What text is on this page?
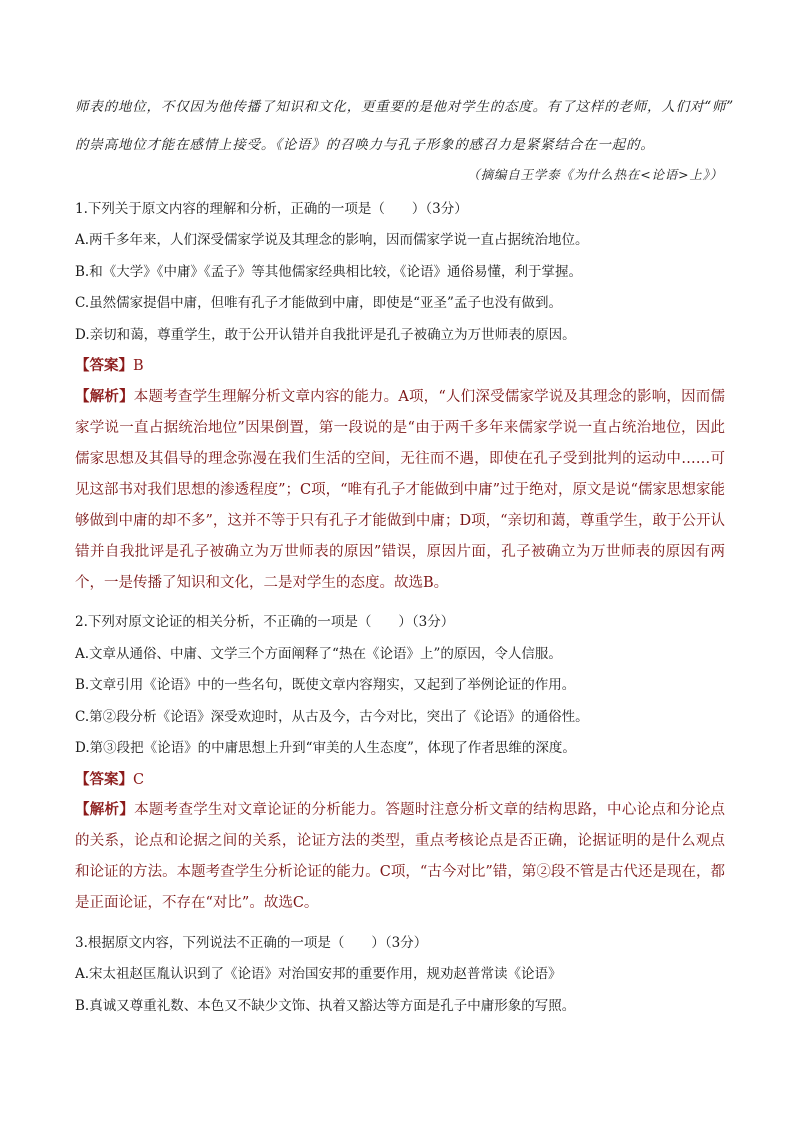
师表的地位，不仅因为他传播了知识和文化，更重要的是他对学生的态度。有了这样的老师，人们对“师”
的崇高地位才能在感情上接受。《论语》的召唤力与孔子形象的感召力是紧紧结合在一起的。
（摘编自王学泰《为什么热在<论语>上》）
1.下列关于原文内容的理解和分析，正确的一项是（　　）（3分）
A.两千多年来，人们深受儒家学说及其理念的影响，因而儒家学说一直占据统治地位。
B.和《大学》《中庸》《孟子》等其他儒家经典相比较，《论语》通俗易懂，利于掌握。
C.虽然儒家提倡中庸，但唯有孔子才能做到中庸，即使是“亚圣”孟子也没有做到。
D.亲切和蔼，尊重学生，敢于公开认错并自我批评是孔子被确立为万世师表的原因。
【答案】B
【解析】本题考查学生理解分析文章内容的能力。A项，“人们深受儒家学说及其理念的影响，因而儒家学说一直占据统治地位”因果倒置，第一段说的是“由于两千多年来儒家学说一直占统治地位，因此儒家思想及其倡导的理念弥漫在我们生活的空间，无往而不遇，即使在孔子受到批判的运动中……可见这部书对我们思想的渗透程度”；C项，“唯有孔子才能做到中庸”过于绝对，原文是说“儒家思想家能够做到中庸的却不多”，这并不等于只有孔子才能做到中庸；D项，“亲切和蔼，尊重学生，敢于公开认错并自我批评是孔子被确立为万世师表的原因”错误，原因片面，孔子被确立为万世师表的原因有两个，一是传播了知识和文化，二是对学生的态度。故选B。
2.下列对原文论证的相关分析，不正确的一项是（　　）（3分）
A.文章从通俗、中庸、文学三个方面阐释了“热在《论语》上”的原因，令人信服。
B.文章引用《论语》中的一些名句，既使文章内容翔实，又起到了举例论证的作用。
C.第②段分析《论语》深受欢迎时，从古及今，古今对比，突出了《论语》的通俗性。
D.第③段把《论语》的中庸思想上升到“审美的人生态度”，体现了作者思维的深度。
【答案】C
【解析】本题考查学生对文章论证的分析能力。答题时注意分析文章的结构思路，中心论点和分论点的关系，论点和论据之间的关系，论证方法的类型，重点考核论点是否正确，论据证明的是什么观点和论证的方法。本题考查学生分析论证的能力。C项，“古今对比”错，第②段不管是古代还是现在，都是正面论证，不存在“对比”。故选C。
3.根据原文内容，下列说法不正确的一项是（　　）（3分）
A.宋太祖赵匡胤认识到了《论语》对治国安邦的重要作用，规劝赵普常读《论语》
B.真诚又尊重礼数、本色又不缺少文饰、执着又豁达等方面是孔子中庸形象的写照。
